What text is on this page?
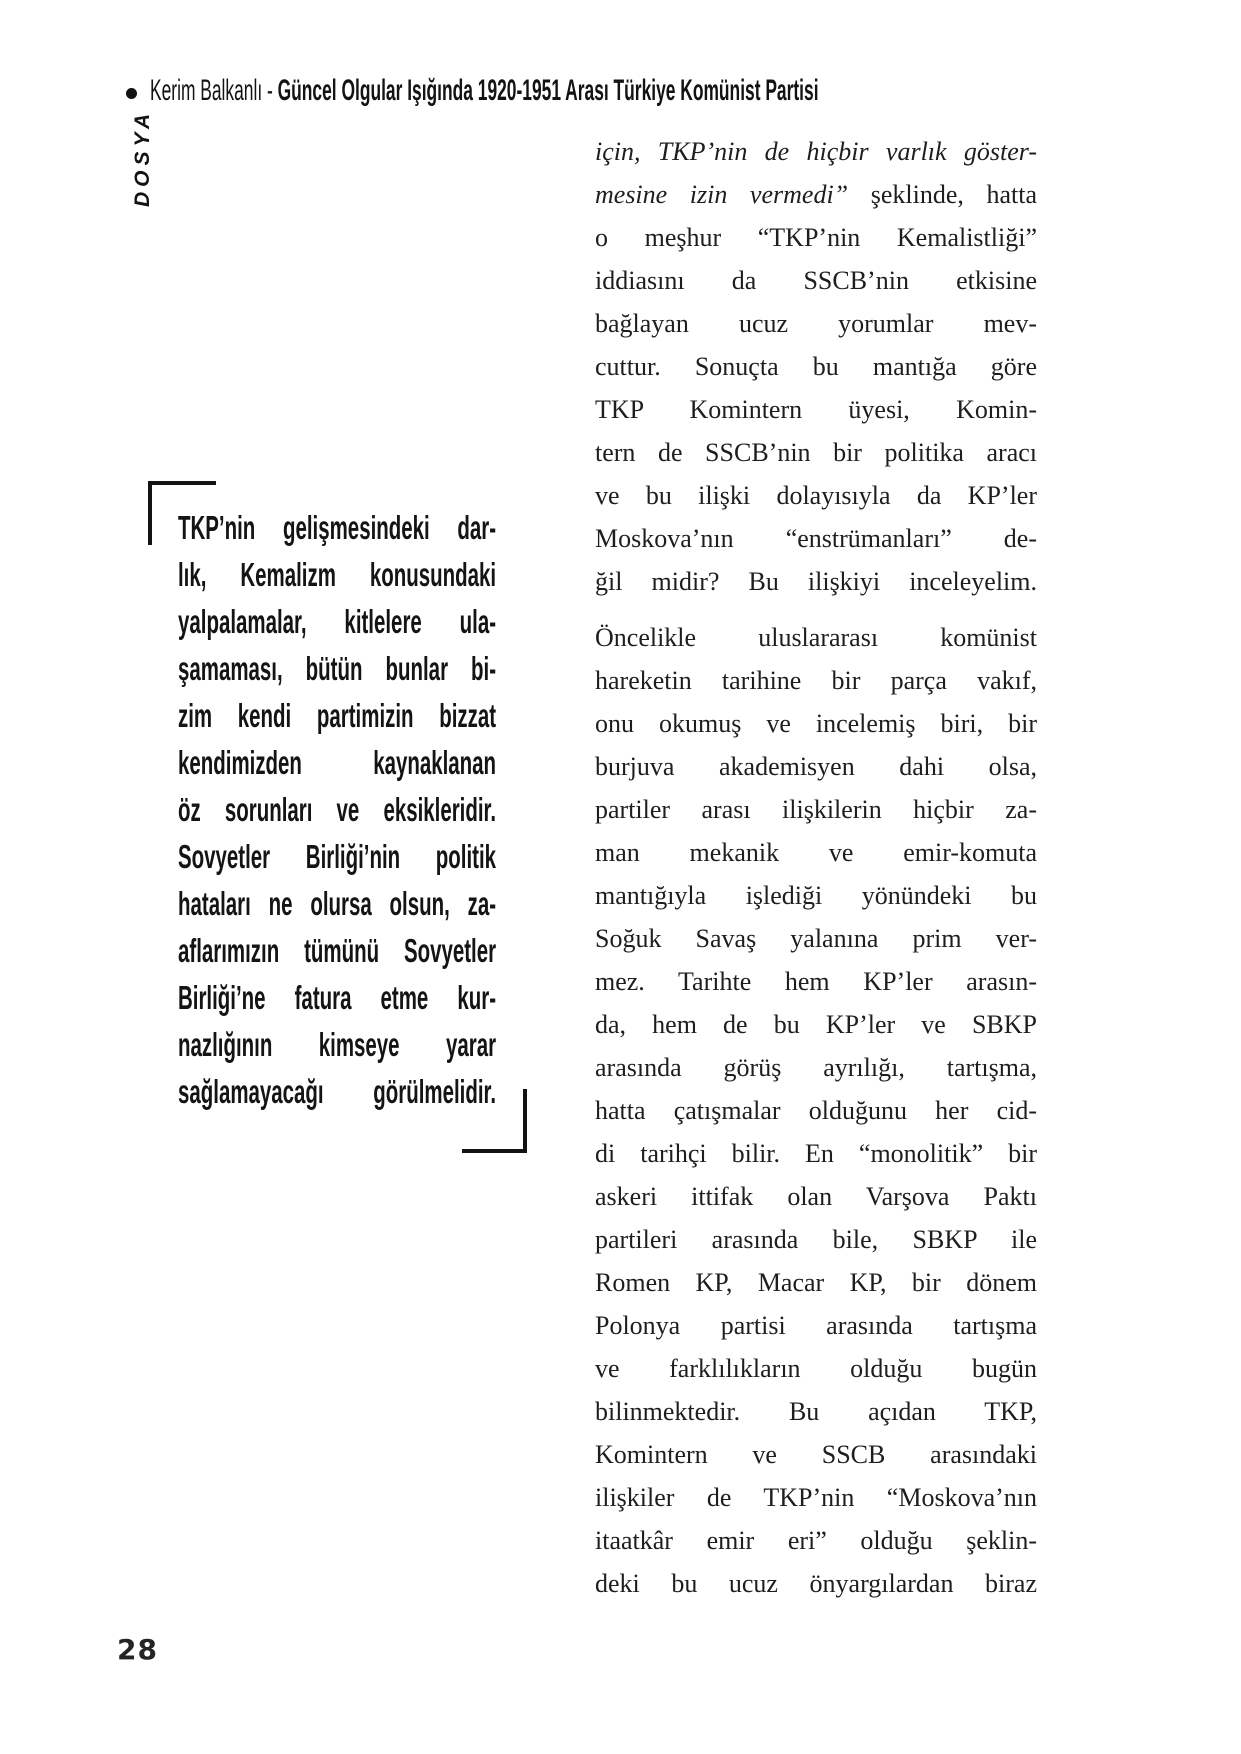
Kerim Balkanlı - Güncel Olgular Işığında 1920-1951 Arası Türkiye Komünist Partisi
DOSYA
TKP’nin gelişmesindeki dar-
lık, Kemalizm konusundaki
yalpalamalar, kitlelere ula-
şamaması, bütün bunlar bi-
zim kendi partimizin bizzat
kendimizden kaynaklanan
öz sorunları ve eksikleridir.
Sovyetler Birliği’nin politik
hataları ne olursa olsun, za-
aflarımızın tümünü Sovyetler
Birliği’ne fatura etme kur-
nazlığının kimseye yarar
sağlamayacağı görülmelidir.
için, TKP’nin de hiçbir varlık göster-
mesine izin vermedi” şeklinde, hatta
o meşhur “TKP’nin Kemalistliği”
iddiasını da SSCB’nin etkisine
bağlayan ucuz yorumlar mev-
cuttur. Sonuçta bu mantığa göre
TKP Komintern üyesi, Komin-
tern de SSCB’nin bir politika aracı
ve bu ilişki dolayısıyla da KP’ler
Moskova’nın “enstrümanları” de-
ğil midir? Bu ilişkiyi inceleyelim.
Öncelikle uluslararası komünist
hareketin tarihine bir parça vakıf,
onu okumuş ve incelemiş biri, bir
burjuva akademisyen dahi olsa,
partiler arası ilişkilerin hiçbir za-
man mekanik ve emir-komuta
mantığıyla işlediği yönündeki bu
Soğuk Savaş yalanına prim ver-
mez. Tarihte hem KP’ler arasın-
da, hem de bu KP’ler ve SBKP
arasında görüş ayrılığı, tartışma,
hatta çatışmalar olduğunu her cid-
di tarihçi bilir. En “monolitik” bir
askeri ittifak olan Varşova Paktı
partileri arasında bile, SBKP ile
Romen KP, Macar KP, bir dönem
Polonya partisi arasında tartışma
ve farklılıkların olduğu bugün
bilinmektedir. Bu açıdan TKP,
Komintern ve SSCB arasındaki
ilişkiler de TKP’nin “Moskova’nın
itaatkâr emir eri” olduğu şeklin-
deki bu ucuz önyargılardan biraz
28
